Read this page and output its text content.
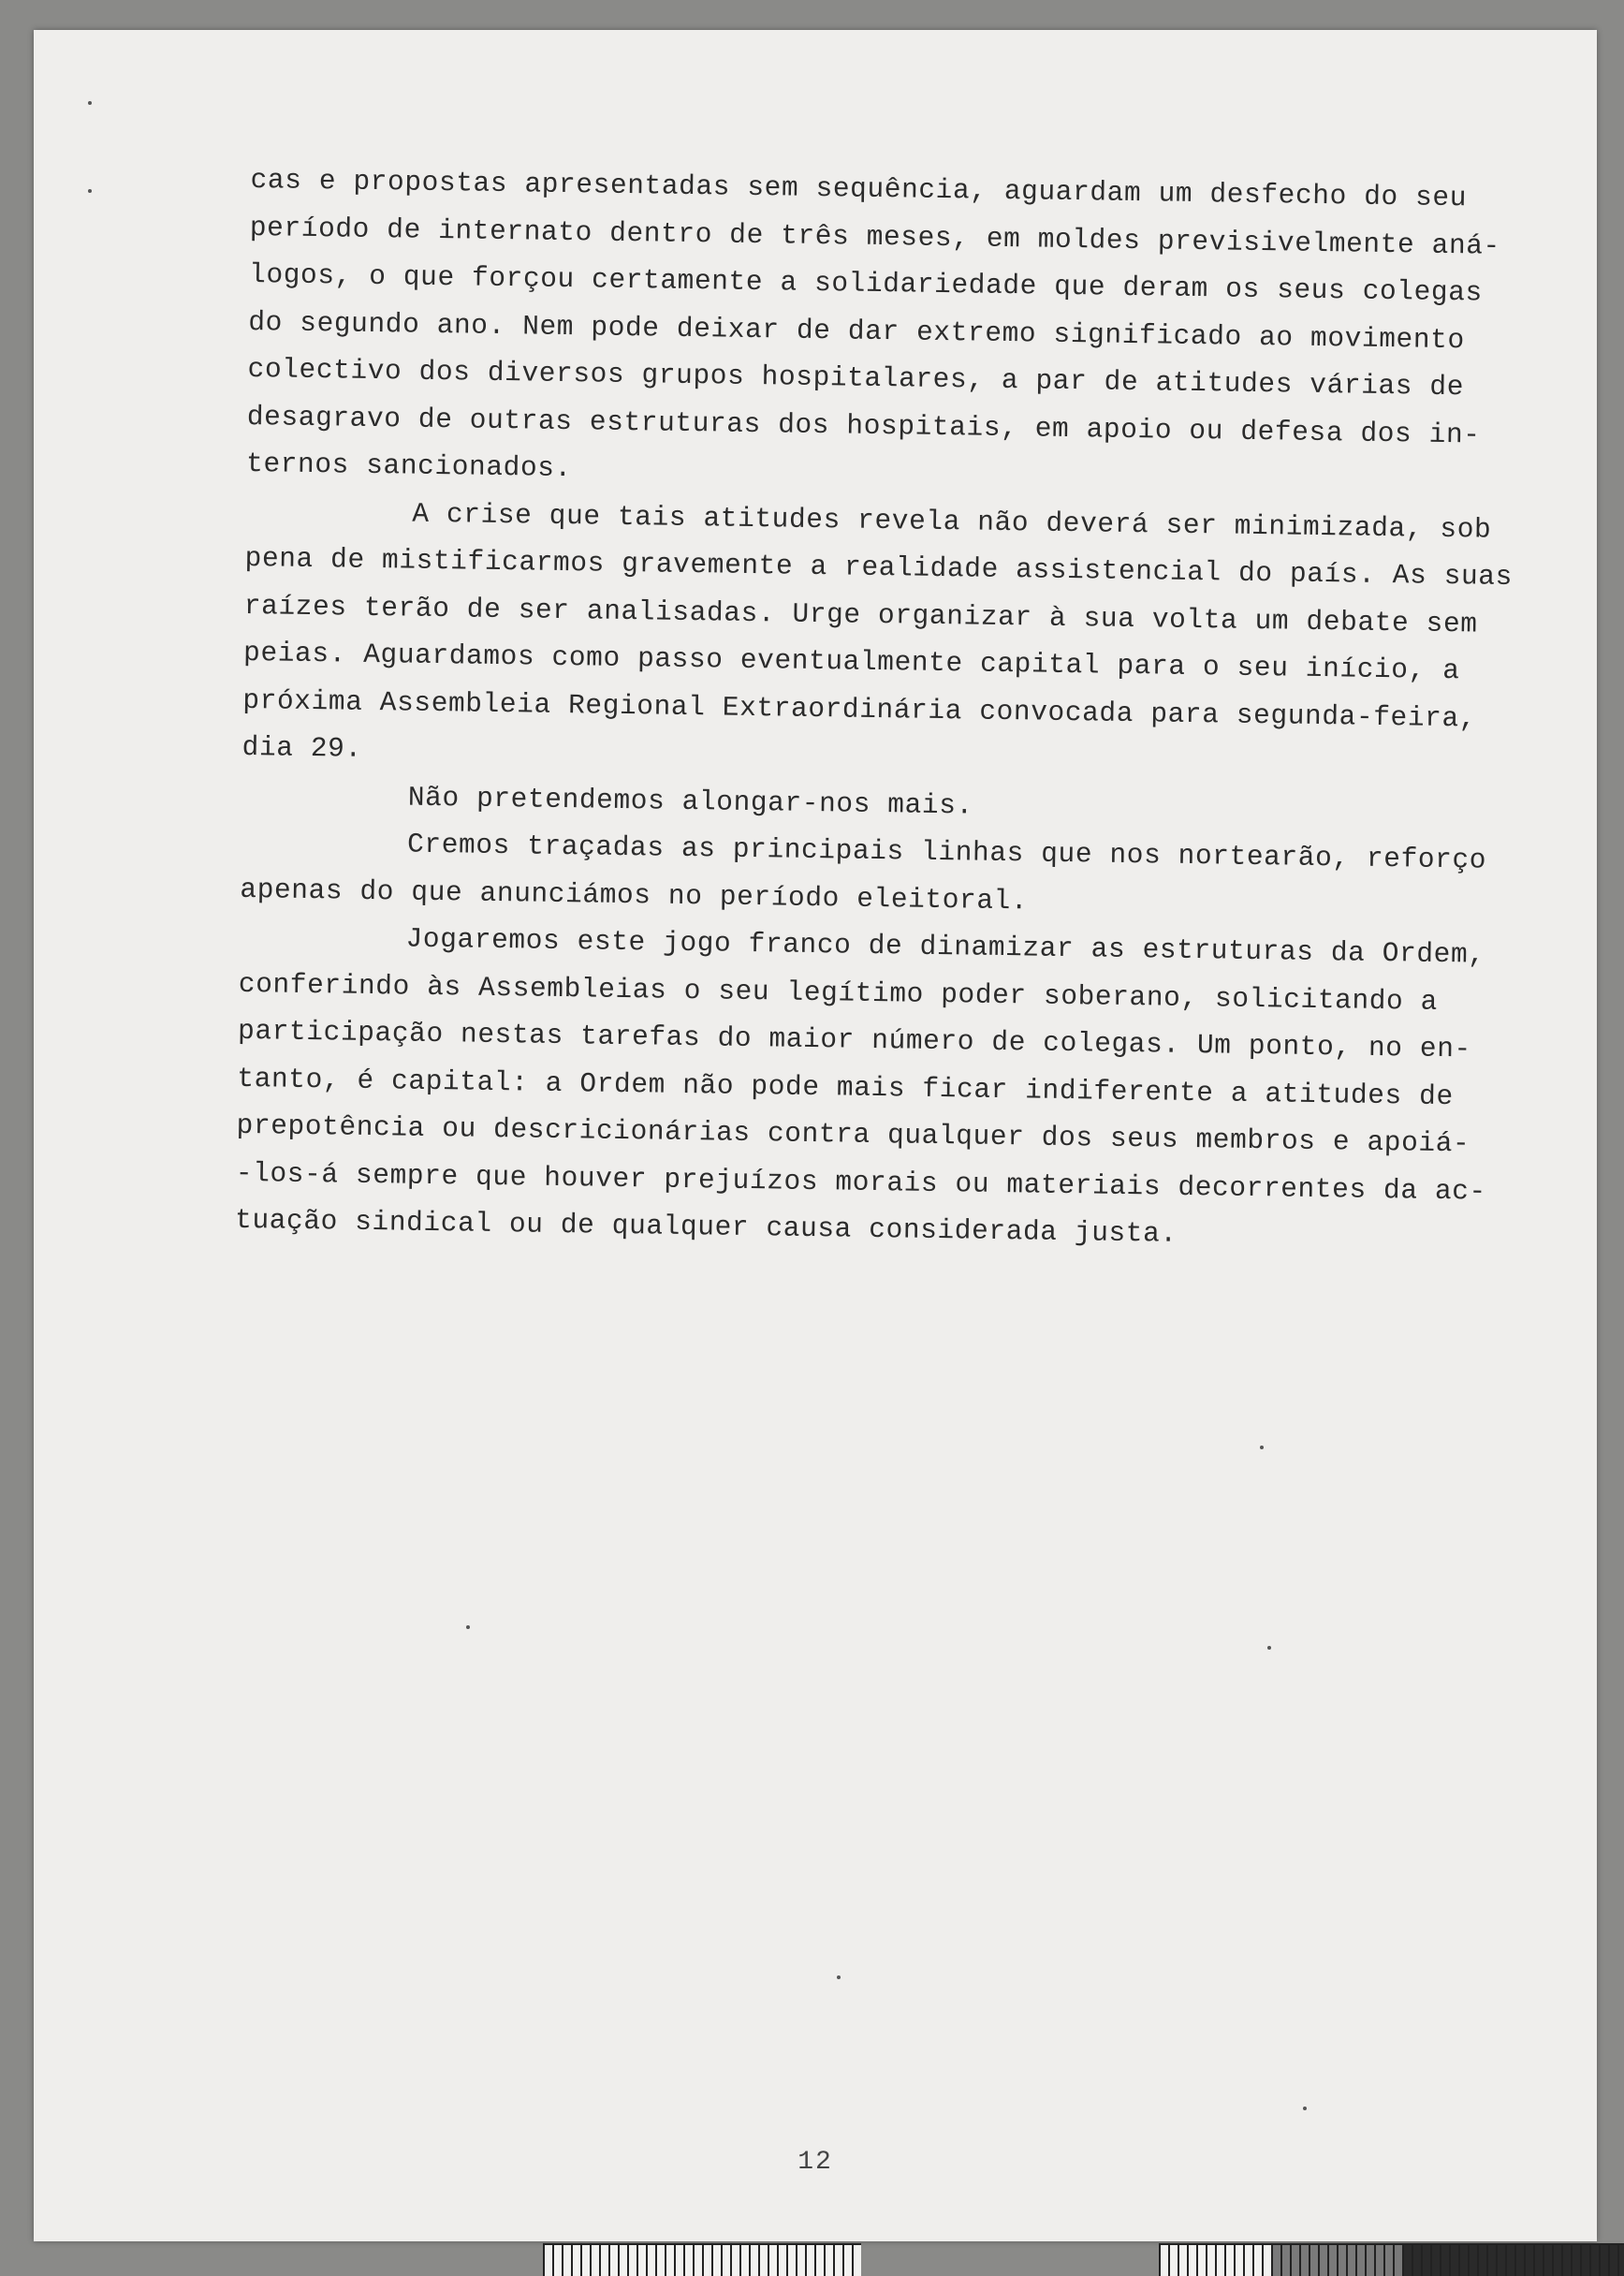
cas e propostas apresentadas sem sequência, aguardam um desfecho do seu
período de internato dentro de três meses, em moldes previsivelmente aná-
logos, o que forçou certamente a solidariedade que deram os seus colegas
do segundo ano. Nem pode deixar de dar extremo significado ao movimento
colectivo dos diversos grupos hospitalares, a par de atitudes várias de
desagravo de outras estruturas dos hospitais, em apoio ou defesa dos in-
ternos sancionados.
A crise que tais atitudes revela não deverá ser minimizada, sob
pena de mistificarmos gravemente a realidade assistencial do país. As suas
raízes terão de ser analisadas. Urge organizar à sua volta um debate sem
peias. Aguardamos como passo eventualmente capital para o seu início, a
próxima Assembleia Regional Extraordinária convocada para segunda-feira,
dia 29.
Não pretendemos alongar-nos mais.
Cremos traçadas as principais linhas que nos nortearão, reforço
apenas do que anunciámos no período eleitoral.
Jogaremos este jogo franco de dinamizar as estruturas da Ordem,
conferindo às Assembleias o seu legítimo poder soberano, solicitando a
participação nestas tarefas do maior número de colegas. Um ponto, no en-
tanto, é capital: a Ordem não pode mais ficar indiferente a atitudes de
prepotência ou descricionárias contra qualquer dos seus membros e apoiá-
-los-á sempre que houver prejuízos morais ou materiais decorrentes da ac-
tuação sindical ou de qualquer causa considerada justa.
12
